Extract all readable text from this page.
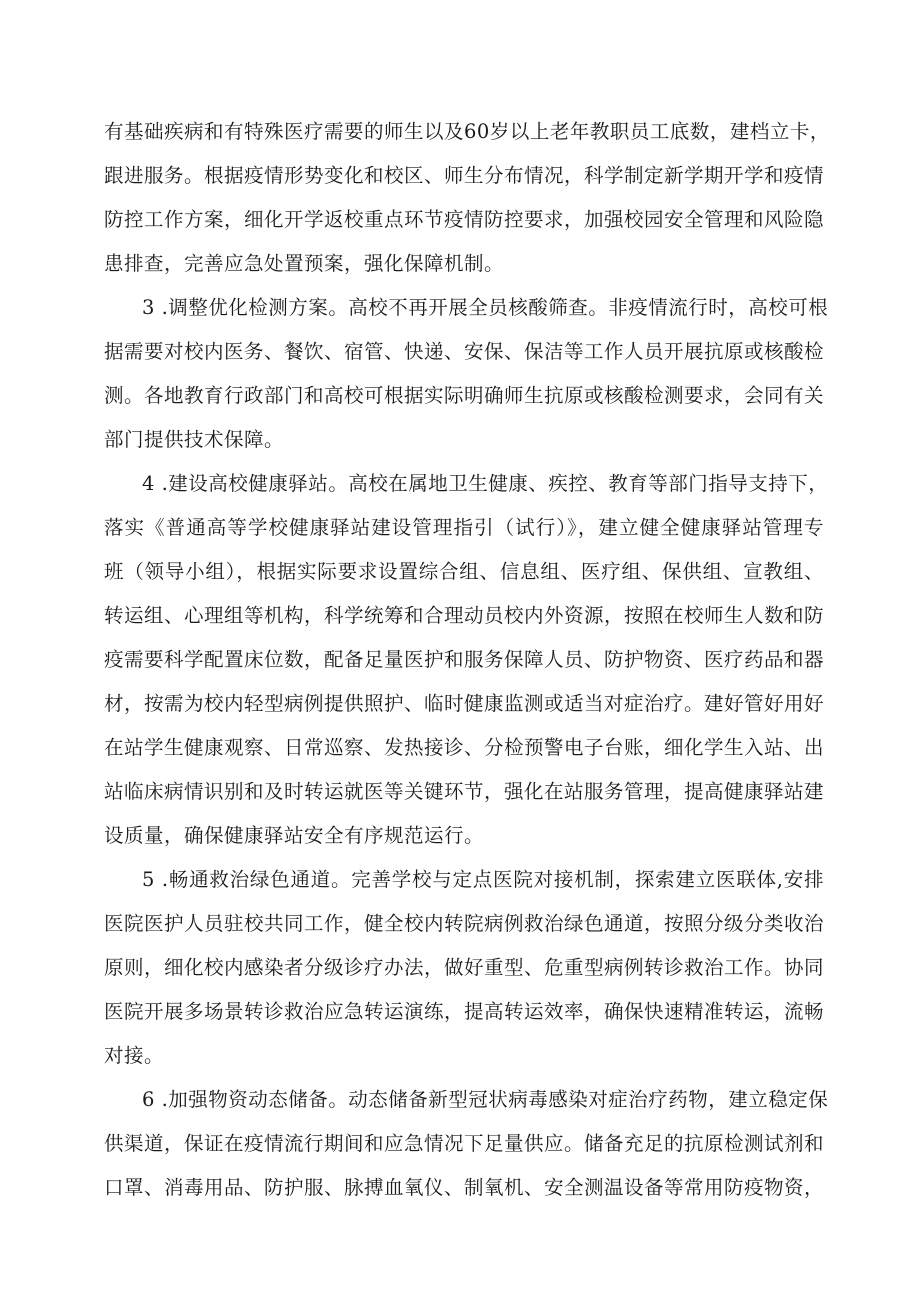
有基础疾病和有特殊医疗需要的师生以及60岁以上老年教职员工底数，建档立卡，
跟进服务。根据疫情形势变化和校区、师生分布情况，科学制定新学期开学和疫情
防控工作方案，细化开学返校重点环节疫情防控要求，加强校园安全管理和风险隐
患排查，完善应急处置预案，强化保障机制。
3 .调整优化检测方案。高校不再开展全员核酸筛查。非疫情流行时，高校可根
据需要对校内医务、餐饮、宿管、快递、安保、保洁等工作人员开展抗原或核酸检
测。各地教育行政部门和高校可根据实际明确师生抗原或核酸检测要求，会同有关
部门提供技术保障。
4 .建设高校健康驿站。高校在属地卫生健康、疾控、教育等部门指导支持下，
落实《普通高等学校健康驿站建设管理指引（试行）》，建立健全健康驿站管理专
班（领导小组），根据实际要求设置综合组、信息组、医疗组、保供组、宣教组、
转运组、心理组等机构，科学统筹和合理动员校内外资源，按照在校师生人数和防
疫需要科学配置床位数，配备足量医护和服务保障人员、防护物资、医疗药品和器
材，按需为校内轻型病例提供照护、临时健康监测或适当对症治疗。建好管好用好
在站学生健康观察、日常巡察、发热接诊、分检预警电子台账，细化学生入站、出
站临床病情识别和及时转运就医等关键环节，强化在站服务管理，提高健康驿站建
设质量，确保健康驿站安全有序规范运行。
5 .畅通救治绿色通道。完善学校与定点医院对接机制，探索建立医联体,安排
医院医护人员驻校共同工作，健全校内转院病例救治绿色通道，按照分级分类收治
原则，细化校内感染者分级诊疗办法，做好重型、危重型病例转诊救治工作。协同
医院开展多场景转诊救治应急转运演练，提高转运效率，确保快速精准转运，流畅
对接。
6 .加强物资动态储备。动态储备新型冠状病毒感染对症治疗药物，建立稳定保
供渠道，保证在疫情流行期间和应急情况下足量供应。储备充足的抗原检测试剂和
口罩、消毒用品、防护服、脉搏血氧仪、制氧机、安全测温设备等常用防疫物资，
